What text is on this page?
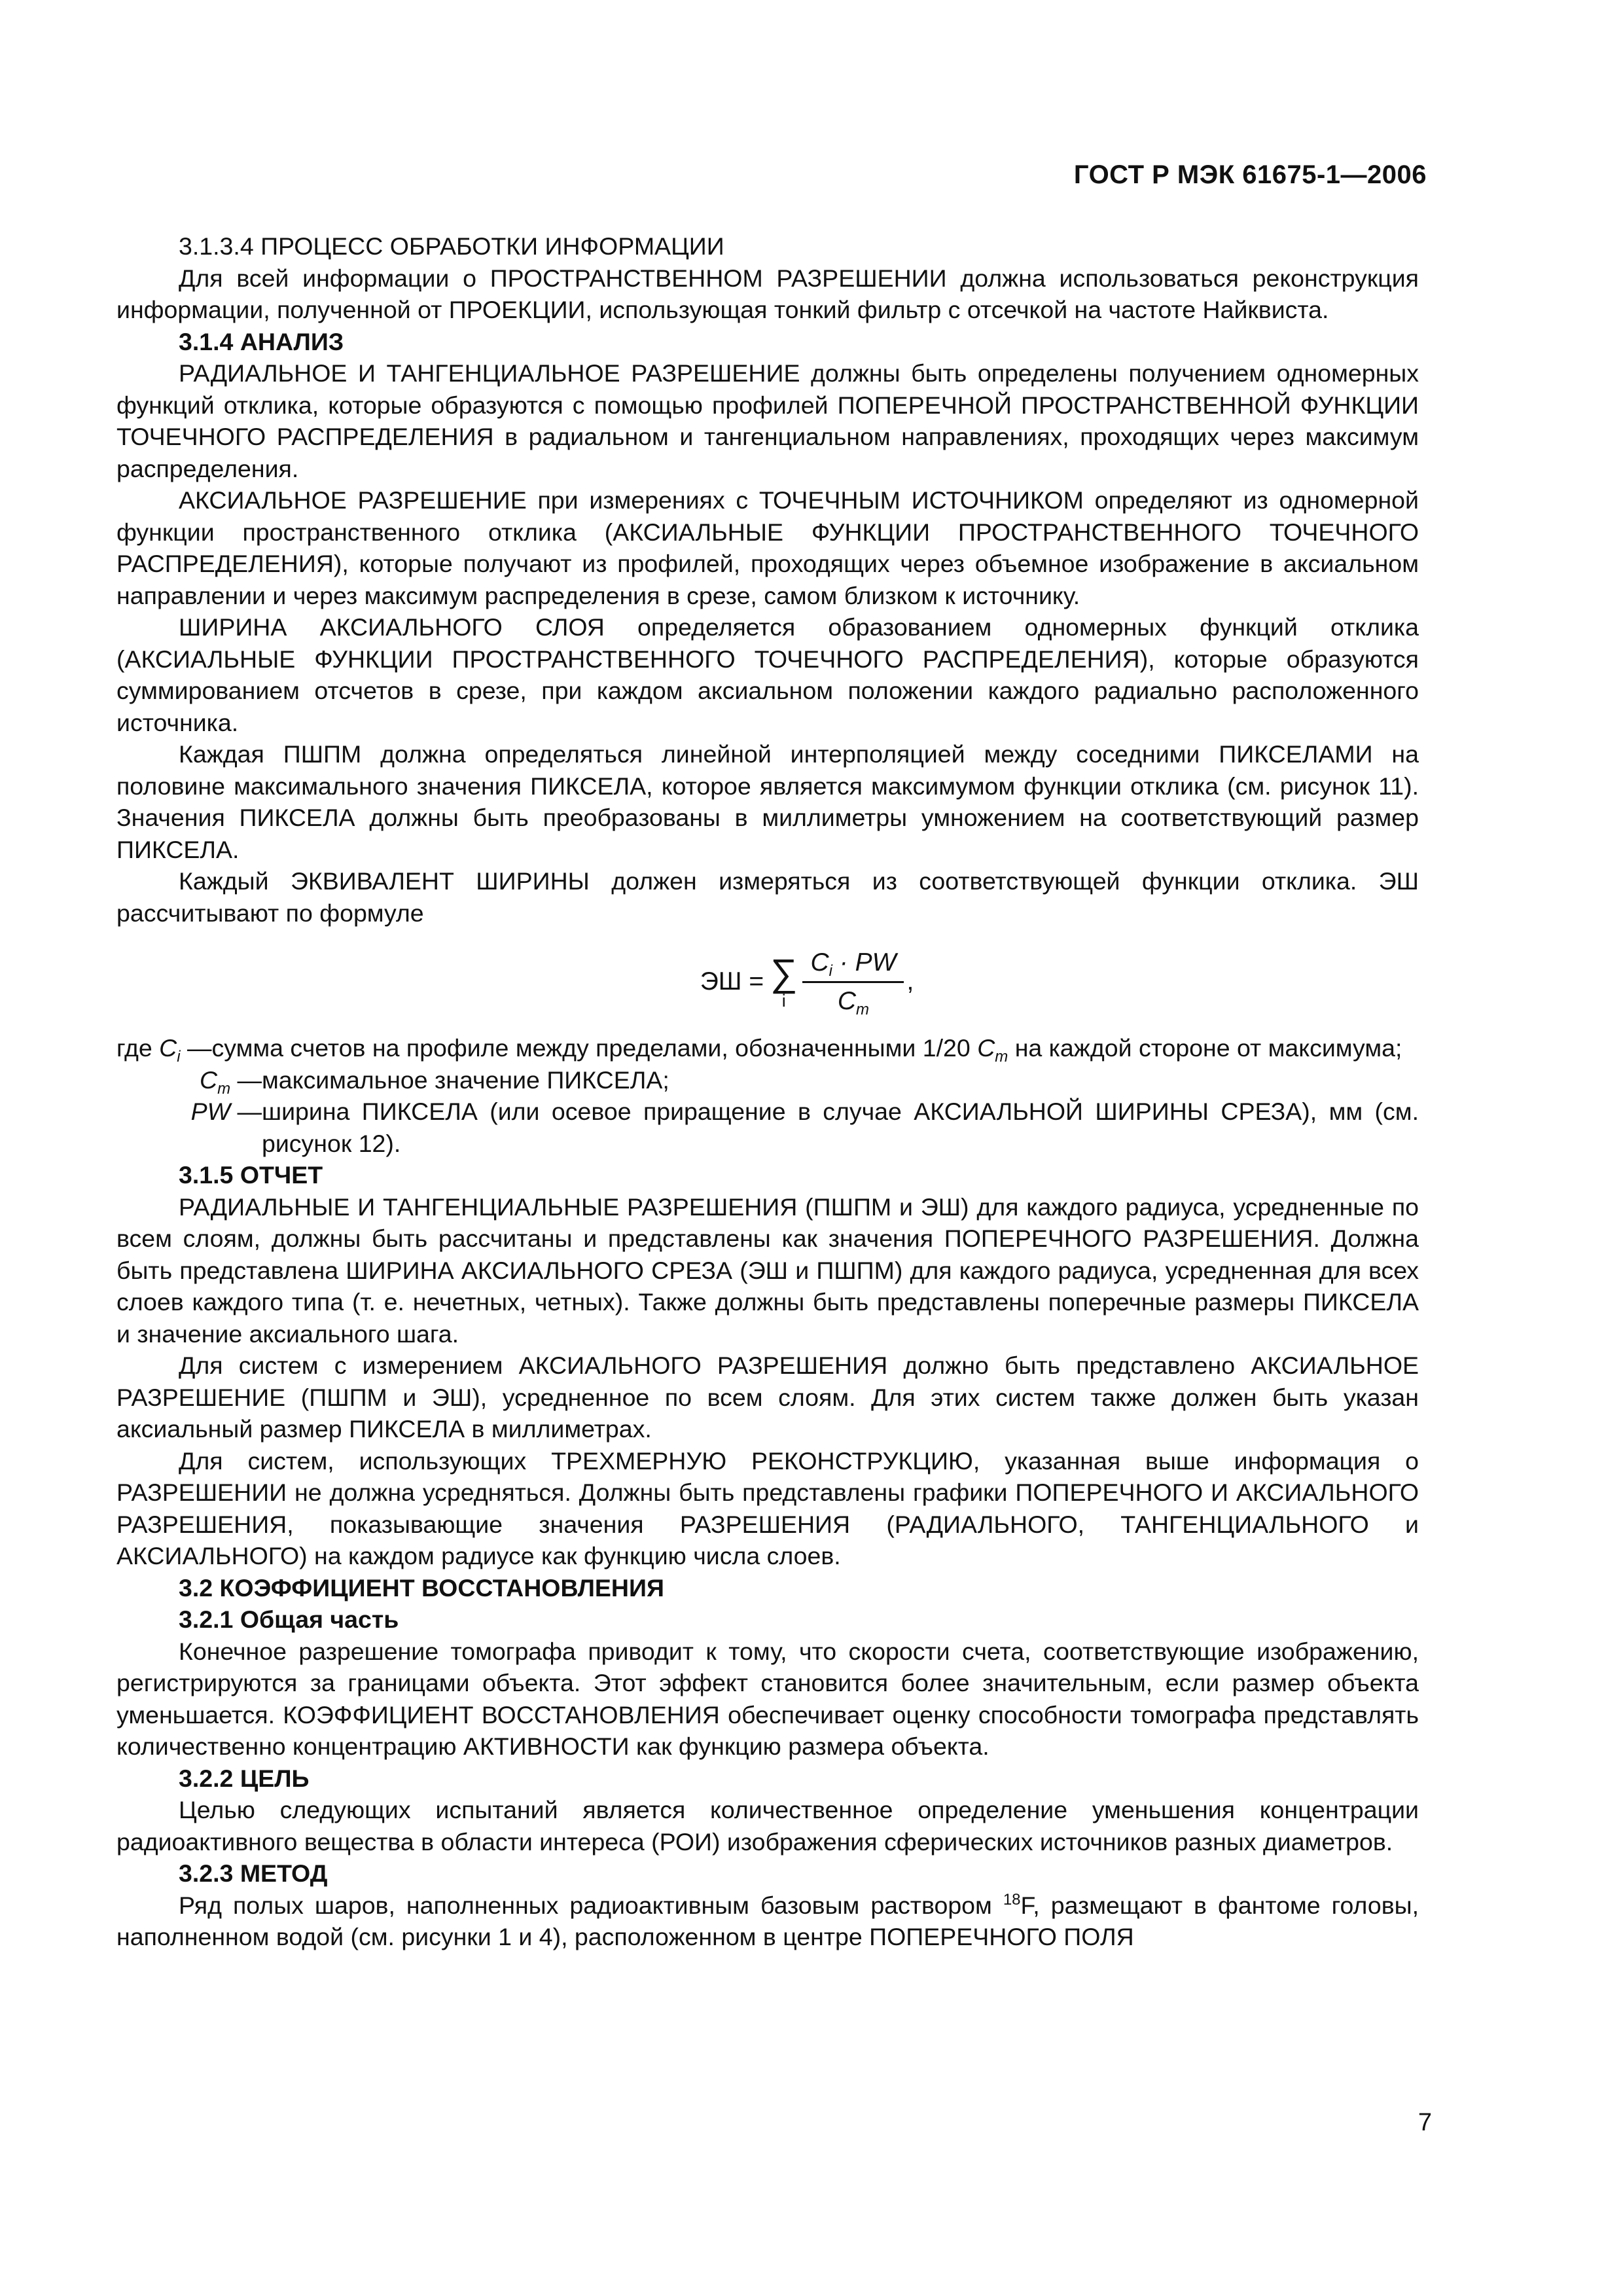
ГОСТ Р МЭК 61675-1—2006

3.1.3.4 ПРОЦЕСС ОБРАБОТКИ ИНФОРМАЦИИ

Для всей информации о ПРОСТРАНСТВЕННОМ РАЗРЕШЕНИИ должна использоваться реконструкция информации, полученной от ПРОЕКЦИИ, использующая тонкий фильтр с отсечкой на частоте Найквиста.

3.1.4 АНАЛИЗ

РАДИАЛЬНОЕ И ТАНГЕНЦИАЛЬНОЕ РАЗРЕШЕНИЕ должны быть определены получением одномерных функций отклика, которые образуются с помощью профилей ПОПЕРЕЧНОЙ ПРОСТРАНСТВЕННОЙ ФУНКЦИИ ТОЧЕЧНОГО РАСПРЕДЕЛЕНИЯ в радиальном и тангенциальном направлениях, проходящих через максимум распределения.

АКСИАЛЬНОЕ РАЗРЕШЕНИЕ при измерениях с ТОЧЕЧНЫМ ИСТОЧНИКОМ определяют из одномерной функции пространственного отклика (АКСИАЛЬНЫЕ ФУНКЦИИ ПРОСТРАНСТВЕННОГО ТОЧЕЧНОГО РАСПРЕДЕЛЕНИЯ), которые получают из профилей, проходящих через объемное изображение в аксиальном направлении и через максимум распределения в срезе, самом близком к источнику.

ШИРИНА АКСИАЛЬНОГО СЛОЯ определяется образованием одномерных функций отклика (АКСИАЛЬНЫЕ ФУНКЦИИ ПРОСТРАНСТВЕННОГО ТОЧЕЧНОГО РАСПРЕДЕЛЕНИЯ), которые образуются суммированием отсчетов в срезе, при каждом аксиальном положении каждого радиально расположенного источника.

Каждая ПШПМ должна определяться линейной интерполяцией между соседними ПИКСЕЛАМИ на половине максимального значения ПИКСЕЛА, которое является максимумом функции отклика (см. рисунок 11). Значения ПИКСЕЛА должны быть преобразованы в миллиметры умножением на соответствующий размер ПИКСЕЛА.

Каждый ЭКВИВАЛЕНТ ШИРИНЫ должен измеряться из соответствующей функции отклика. ЭШ рассчитывают по формуле

ЭШ = ∑
i $\frac{C_i \cdot PW}{C_m}$ ,
где $C_i$ — сумма счетов на профиле между пределами, обозначенными 1/20 $C_m$ на каждой стороне от максимума;
$C_m$ — максимальное значение ПИКСЕЛА;
PW — ширина ПИКСЕЛА (или осевое приращение в случае АКСИАЛЬНОЙ ШИРИНЫ СРЕЗА), мм (см. рисунок 12).

3.1.5 ОТЧЕТ

РАДИАЛЬНЫЕ И ТАНГЕНЦИАЛЬНЫЕ РАЗРЕШЕНИЯ (ПШПМ и ЭШ) для каждого радиуса, усредненные по всем слоям, должны быть рассчитаны и представлены как значения ПОПЕРЕЧНОГО РАЗРЕШЕНИЯ. Должна быть представлена ШИРИНА АКСИАЛЬНОГО СРЕЗА (ЭШ и ПШПМ) для каждого радиуса, усредненная для всех слоев каждого типа (т. е. нечетных, четных). Также должны быть представлены поперечные размеры ПИКСЕЛА и значение аксиального шага.

Для систем с измерением АКСИАЛЬНОГО РАЗРЕШЕНИЯ должно быть представлено АКСИАЛЬНОЕ РАЗРЕШЕНИЕ (ПШПМ и ЭШ), усредненное по всем слоям. Для этих систем также должен быть указан аксиальный размер ПИКСЕЛА в миллиметрах.

Для систем, использующих ТРЕХМЕРНУЮ РЕКОНСТРУКЦИЮ, указанная выше информация о РАЗРЕШЕНИИ не должна усредняться. Должны быть представлены графики ПОПЕРЕЧНОГО И АКСИАЛЬНОГО РАЗРЕШЕНИЯ, показывающие значения РАЗРЕШЕНИЯ (РАДИАЛЬНОГО, ТАНГЕНЦИАЛЬНОГО и АКСИАЛЬНОГО) на каждом радиусе как функцию числа слоев.

3.2 КОЭФФИЦИЕНТ ВОССТАНОВЛЕНИЯ

3.2.1 Общая часть

Конечное разрешение томографа приводит к тому, что скорости счета, соответствующие изображению, регистрируются за границами объекта. Этот эффект становится более значительным, если размер объекта уменьшается. КОЭФФИЦИЕНТ ВОССТАНОВЛЕНИЯ обеспечивает оценку способности томографа представлять количественно концентрацию АКТИВНОСТИ как функцию размера объекта.

3.2.2 ЦЕЛЬ

Целью следующих испытаний является количественное определение уменьшения концентрации радиоактивного вещества в области интереса (РОИ) изображения сферических источников разных диаметров.

3.2.3 МЕТОД

Ряд полых шаров, наполненных радиоактивным базовым раствором $^{18}$F, размещают в фантоме головы, наполненном водой (см. рисунки 1 и 4), расположенном в центре ПОПЕРЕЧНОГО ПОЛЯ

7
